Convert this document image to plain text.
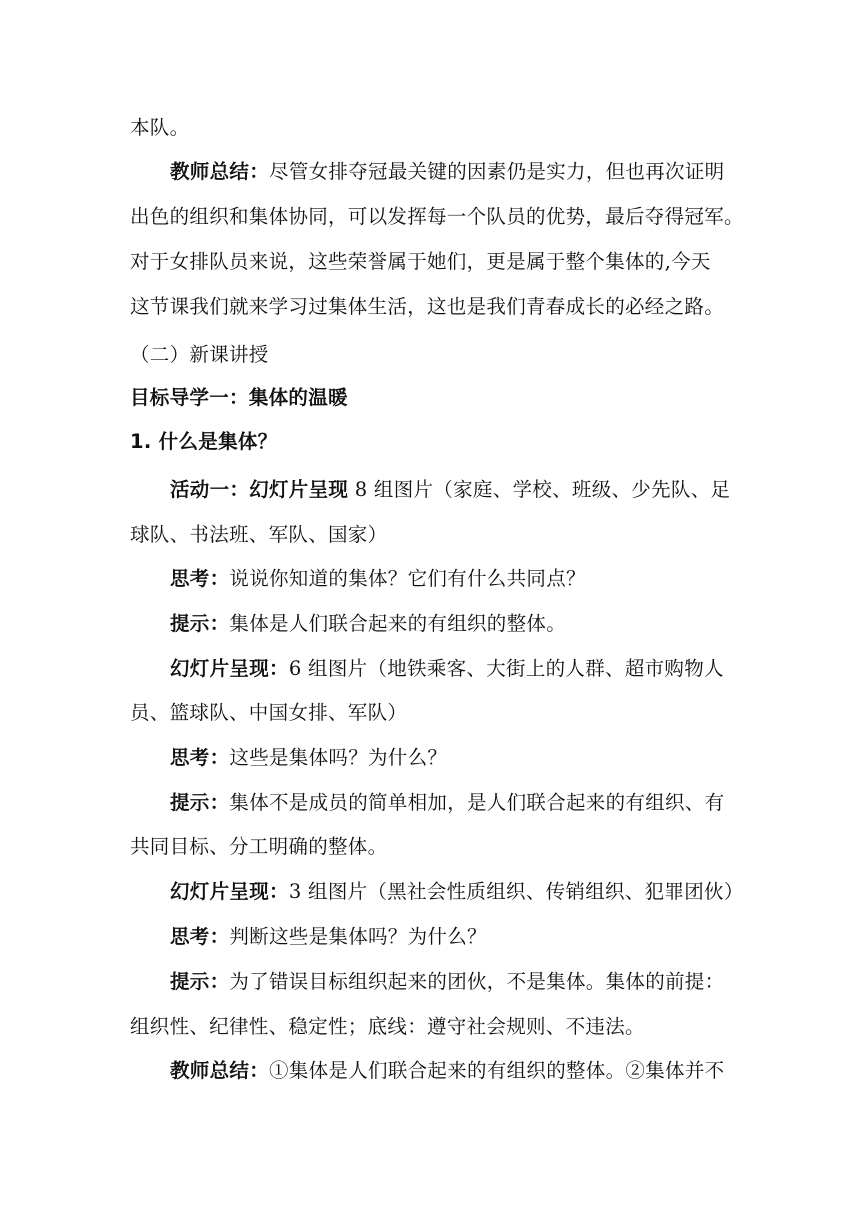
本队。
教师总结：尽管女排夺冠最关键的因素仍是实力，但也再次证明
出色的组织和集体协同，可以发挥每一个队员的优势，最后夺得冠军。
对于女排队员来说，这些荣誉属于她们，更是属于整个集体的,今天
这节课我们就来学习过集体生活，这也是我们青春成长的必经之路。
（二）新课讲授
目标导学一：集体的温暖
1. 什么是集体？
活动一：幻灯片呈现 8 组图片（家庭、学校、班级、少先队、足
球队、书法班、军队、国家）
思考：说说你知道的集体？它们有什么共同点？
提示：集体是人们联合起来的有组织的整体。
幻灯片呈现：6 组图片（地铁乘客、大街上的人群、超市购物人
员、篮球队、中国女排、军队）
思考：这些是集体吗？为什么？
提示：集体不是成员的简单相加，是人们联合起来的有组织、有
共同目标、分工明确的整体。
幻灯片呈现：3 组图片（黑社会性质组织、传销组织、犯罪团伙）
思考：判断这些是集体吗？为什么？
提示：为了错误目标组织起来的团伙，不是集体。集体的前提：
组织性、纪律性、稳定性；底线：遵守社会规则、不违法。
教师总结：①集体是人们联合起来的有组织的整体。②集体并不
